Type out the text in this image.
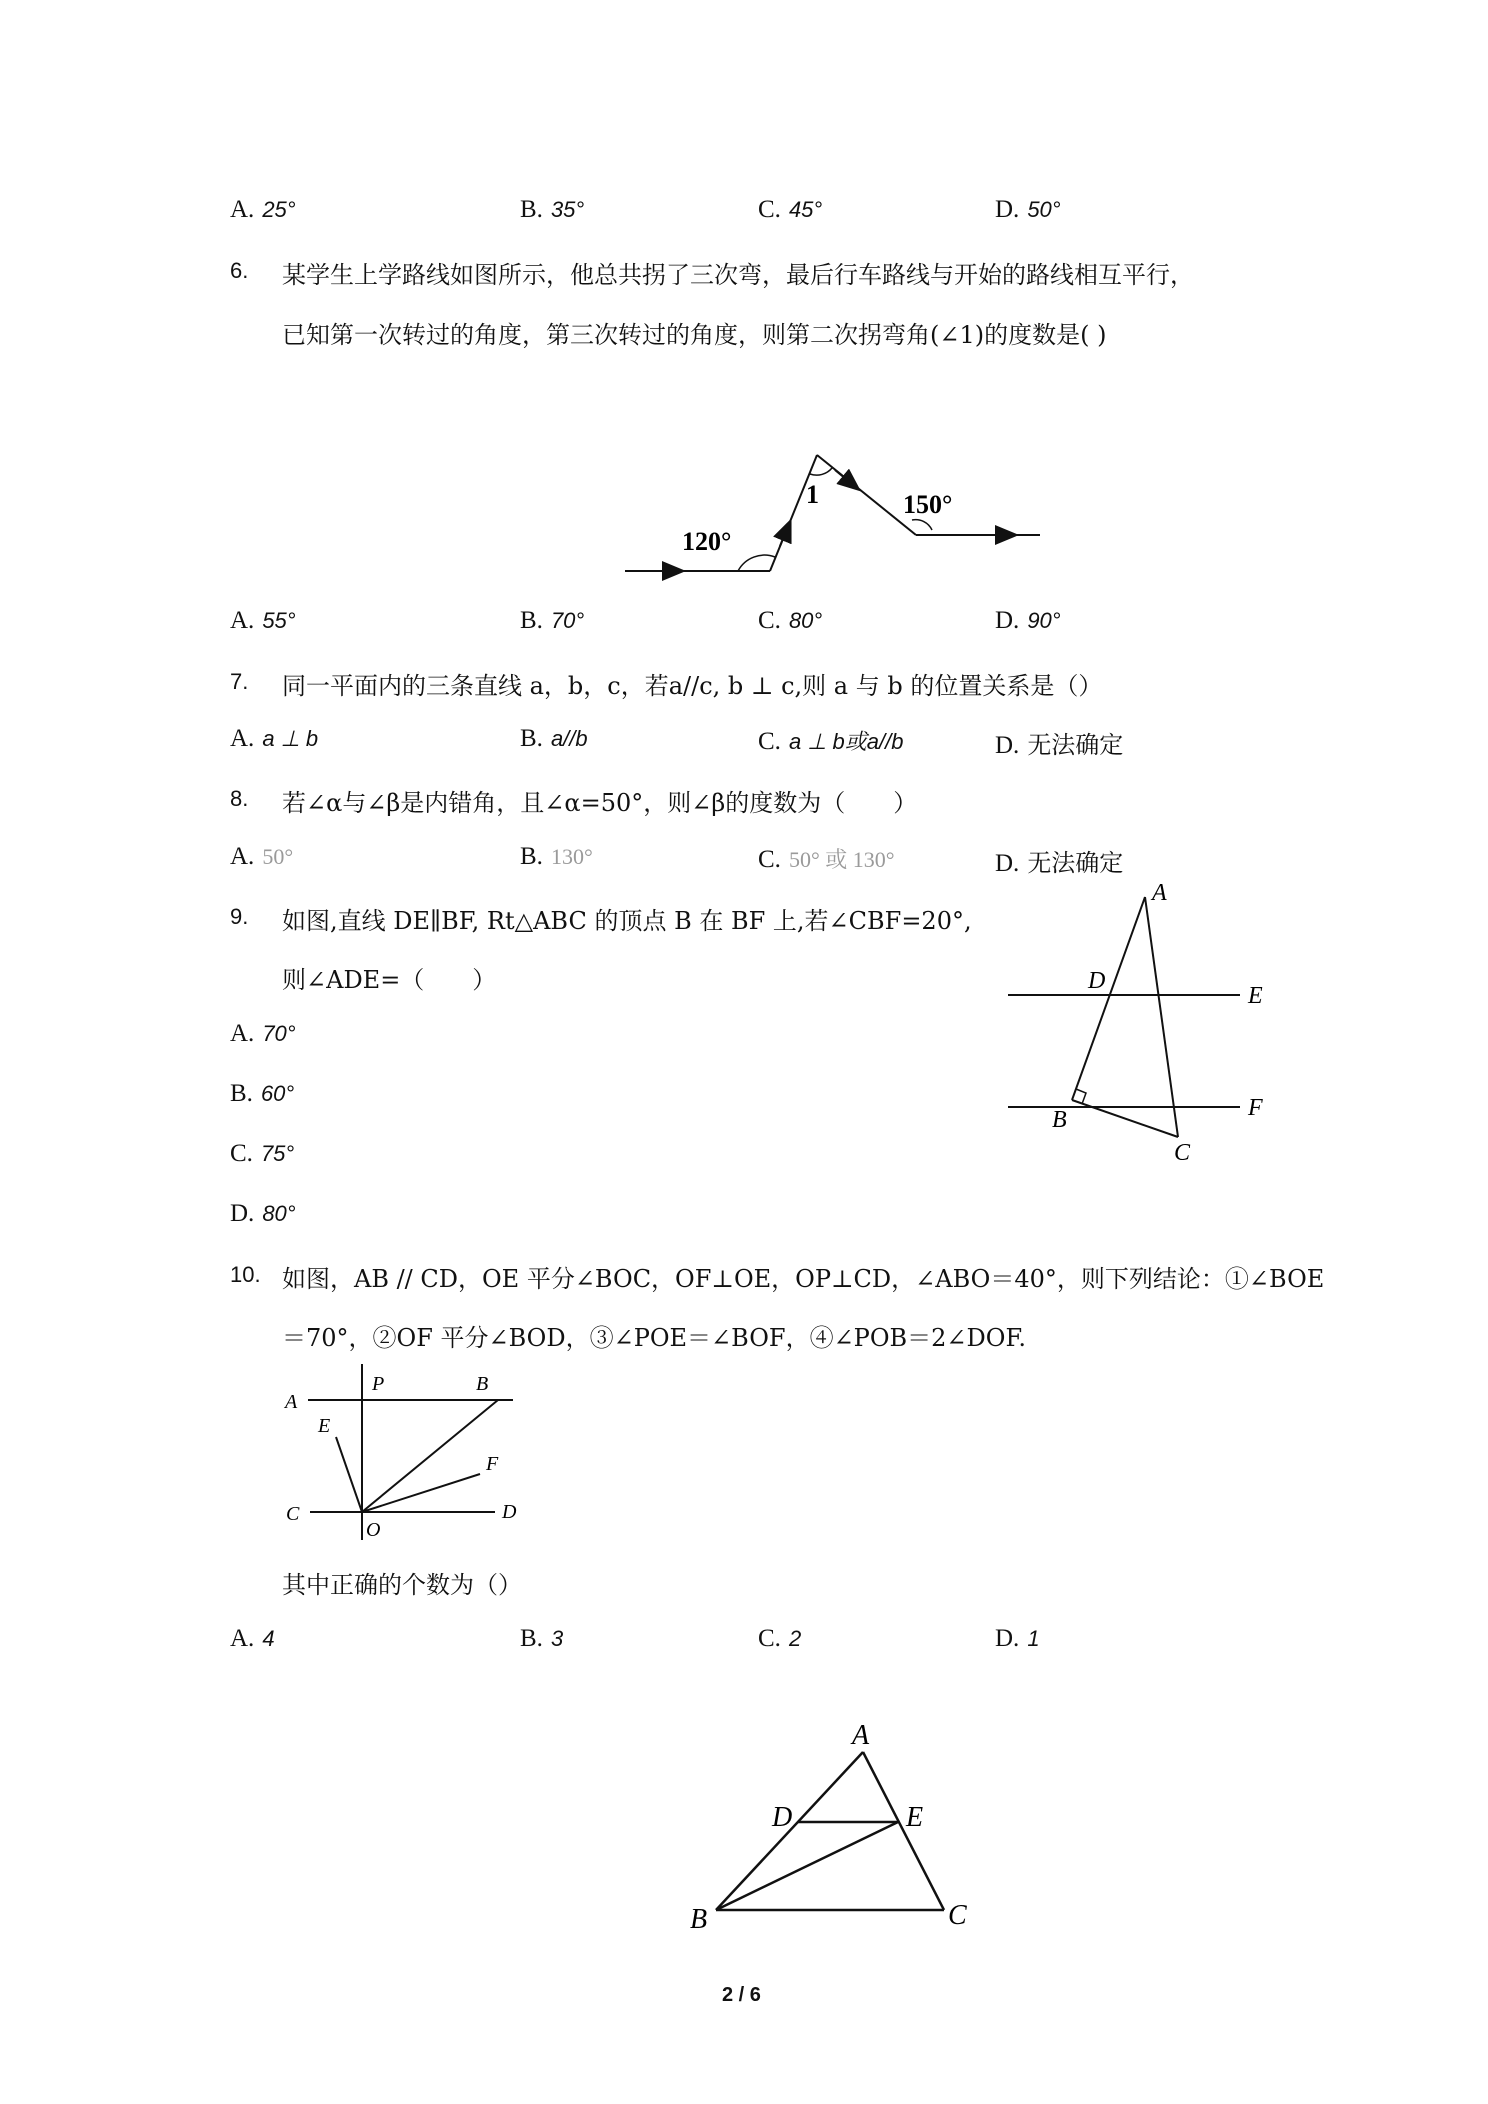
A. 25°	B. 35°	C. 45°	D. 50°
6. 某学生上学路线如图所示，他总共拐了三次弯，最后行车路线与开始的路线相互平行，
已知第一次转过的角度，第三次转过的角度，则第二次拐弯角(∠1)的度数是( )
120°
1	150°
A. 55°	B. 70°	C. 80°	D. 90°
7. 同一平面内的三条直线 a，b，c，若a//c, b ⊥ c,则 a 与 b 的位置关系是（）
A. a ⊥ b	B. a//b	C. a ⊥ b或a//b	D. 无法确定
8. 若∠α与∠β是内错角，且∠α=50°，则∠β的度数为（　　）
A. 50°	B. 130°	C. 50° 或 130°	D. 无法确定
9. 如图,直线 DE∥BF, Rt△ABC 的顶点 B 在 BF 上,若∠CBF=20°,
则∠ADE=（　　）
A. 70°
B. 60°
C. 75°
D. 80°
A
D
E
B	F
C
10. 如图，AB // CD，OE 平分∠BOC，OF⊥OE，OP⊥CD，∠ABO＝40°，则下列结论：①∠BOE
＝70°，②OF 平分∠BOD，③∠POE＝∠BOF，④∠POB＝2∠DOF.
A
P	B
E
F
C
O
D
其中正确的个数为（）
A. 4	B. 3	C. 2	D. 1
A
D	E
B	C
2 / 6
